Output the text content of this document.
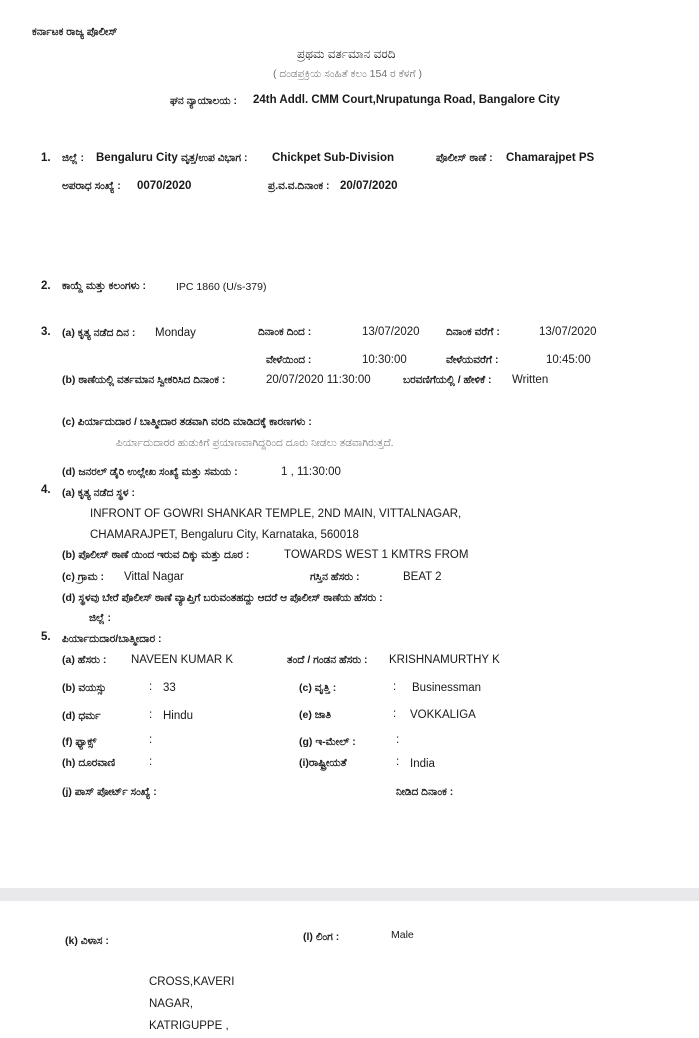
ಕರ್ನಾಟಕ ರಾಜ್ಯ ಪೊಲೀಸ್
ಪ್ರಥಮ ವರ್ತಮಾನ ವರದಿ
( ದಂಡಪ್ರಕ್ರಿಯ ಸಂಹಿತೆ ಕಲಂ 154 ರ ಕೆಳಗೆ )
ಘನ ನ್ಯಾಯಾಲಯ : 24th Addl. CMM Court,Nrupatunga Road, Bangalore City
1. ಜಿಲ್ಲೆ : Bengaluru City ವೃತ್ತ/ಉಪ ವಿಭಾಗ : Chickpet Sub-Division	ಪೊಲೀಸ್ ಠಾಣೆ : Chamarajpet PS
ಅಪರಾಧ ಸಂಖ್ಯೆ : 0070/2020	ಪ್ರ.ವ.ವ.ದಿನಾಂಕ : 20/07/2020
2. ಕಾಯ್ದೆ ಮತ್ತು ಕಲಂಗಳು :	IPC 1860 (U/s-379)
3. (a) ಕೃತ್ಯ ನಡೆದ ದಿನ : Monday	ದಿನಾಂಕ ದಿಂದ :	13/07/2020	ದಿನಾಂಕ ವರೆಗೆ :	13/07/2020
ವೇಳೆಯಿಂದ :	10:30:00	ವೇಳೆಯವರೆಗೆ :	10:45:00
(b) ಠಾಣೆಯಲ್ಲಿ ವರ್ತಮಾನ ಸ್ವೀಕರಿಸಿದ ದಿನಾಂಕ :	20/07/2020 11:30:00	ಬರವಣಿಗೆಯಲ್ಲಿ / ಹೇಳಿಕೆ : Written
(c) ಪಿರ್ಯಾದುದಾರ / ಬಾತ್ಮೀದಾರ ತಡವಾಗಿ ವರದಿ ಮಾಡಿದಕ್ಕೆ ಕಾರಣಗಳು :
ಪಿರ್ಯಾದುದಾರರ ಹುಡುಕಿಗೆ ಪ್ರಯಾಣವಾಗಿದ್ದರಿಂದ ದೂರು ನೀಡಲು ತಡವಾಗಿರುತ್ತದೆ.
(d) ಜನರಲ್ ಡೈರಿ ಉಲ್ಲೇಖ ಸಂಖ್ಯೆ ಮತ್ತು ಸಮಯ :	1 , 11:30:00
4. (a) ಕೃತ್ಯ ನಡೆದ ಸ್ಥಳ :
INFRONT OF GOWRI SHANKAR TEMPLE, 2ND MAIN, VITTALNAGAR,
CHAMARAJPET, Bengaluru City, Karnataka, 560018
(b) ಪೊಲೀಸ್ ಠಾಣೆ ಯಿಂದ ಇರುವ ದಿಕ್ಕು ಮತ್ತು ದೂರ :	TOWARDS WEST 1 KMTRS FROM
(c) ಗ್ರಾಮ : Vittal Nagar	ಗಸ್ತಿನ ಹೆಸರು :	BEAT 2
(d) ಸ್ಥಳವು ಬೇರೆ ಪೊಲೀಸ್ ಠಾಣೆ ವ್ಯಾಪ್ತಿಗೆ ಬರುವಂತಹದ್ದು ಆದರೆ ಆ ಪೊಲೀಸ್ ಠಾಣೆಯ ಹೆಸರು :
ಜಿಲ್ಲೆ :
5. ಪಿರ್ಯಾದುದಾರ/ಬಾತ್ಮೀದಾರ :
(a) ಹೆಸರು : NAVEEN KUMAR K	ತಂದೆ / ಗಂಡನ ಹೆಸರು : KRISHNAMURTHY K
(b) ವಯಸ್ಸು	: 33	(c) ವೃತ್ತಿ :	: Businessman
(d) ಧರ್ಮ	: Hindu	(e) ಜಾತಿ	: VOKKALIGA
(f) ಫ್ಯಾಕ್ಸ್	:	(g) ಇ-ಮೇಲ್ :	:
(h) ದೂರವಾಣಿ	:	(i)ರಾಷ್ಟ್ರೀಯತೆ	: India
(j) ಪಾಸ್ ಪೋರ್ಟ್ ಸಂಖ್ಯೆ :	ನೀಡಿದ ದಿನಾಂಕ :
(k) ವಿಳಾಸ :
CROSS,KAVERI
NAGAR,
KATRIGUPPE ,
(l) ಲಿಂಗ :	Male
